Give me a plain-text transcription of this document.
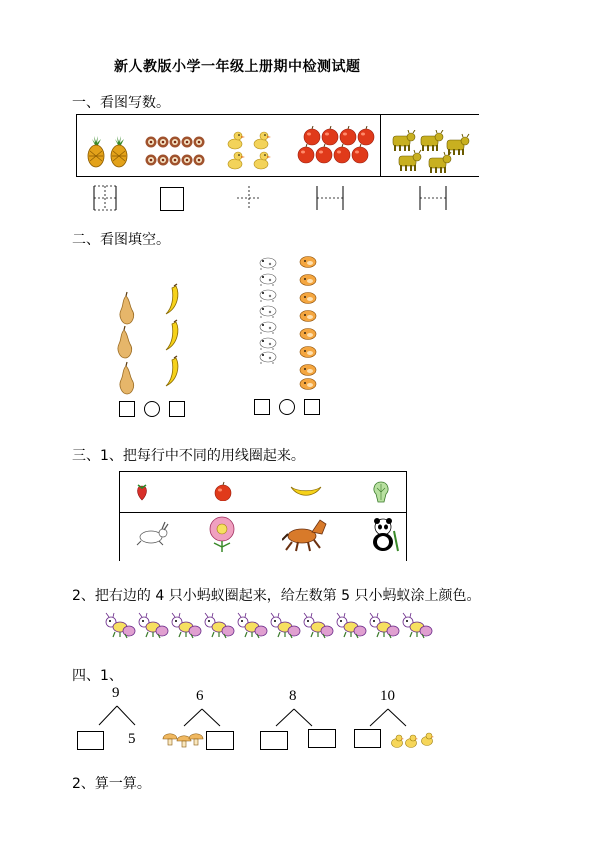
新人教版小学一年级上册期中检测试题
一、看图写数。
二、看图填空。
三、1、把每行中不同的用线圈起来。
2、把右边的 4 只小蚂蚁圈起来，给左数第 5 只小蚂蚁涂上颜色。
四、1、
9
5
6	8	10
2、算一算。
